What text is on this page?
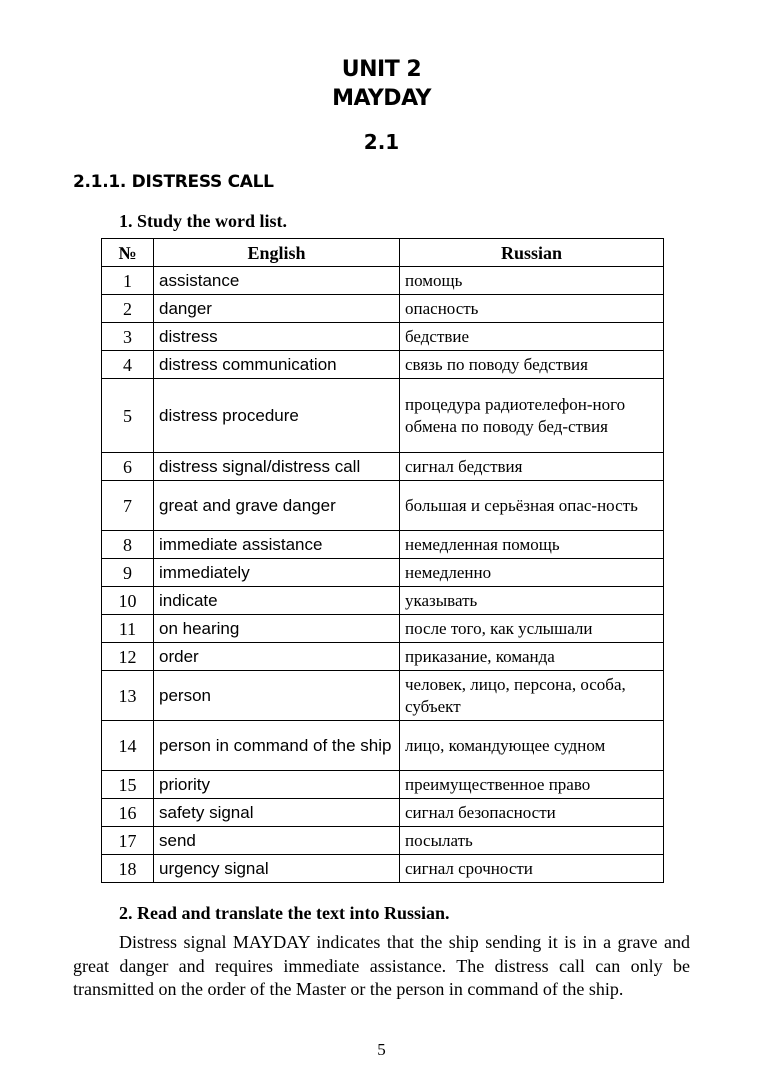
UNIT 2
MAYDAY
2.1
2.1.1. DISTRESS CALL
1. Study the word list.
№	English	Russian
1	assistance	помощь
2	danger	опасность
3	distress	бедствие
4	distress communication	связь по поводу бедствия
5	distress procedure	процедура радиотелефон-ного обмена по поводу бед-ствия
6	distress signal/distress call	сигнал бедствия
7	great and grave danger	большая и серьёзная опас-ность
8	immediate assistance	немедленная помощь
9	immediately	немедленно
10	indicate	указывать
11	on hearing	после того, как услышали
12	order	приказание, команда
13	person	человек, лицо, персона, особа, субъект
14	person in command of the ship	лицо, командующее судном
15	priority	преимущественное право
16	safety signal	сигнал безопасности
17	send	посылать
18	urgency signal	сигнал срочности
2. Read and translate the text into Russian.

Distress signal MAYDAY indicates that the ship sending it is in a grave and great danger and requires immediate assistance. The distress call can only be transmitted on the order of the Master or the person in command of the ship.

5
